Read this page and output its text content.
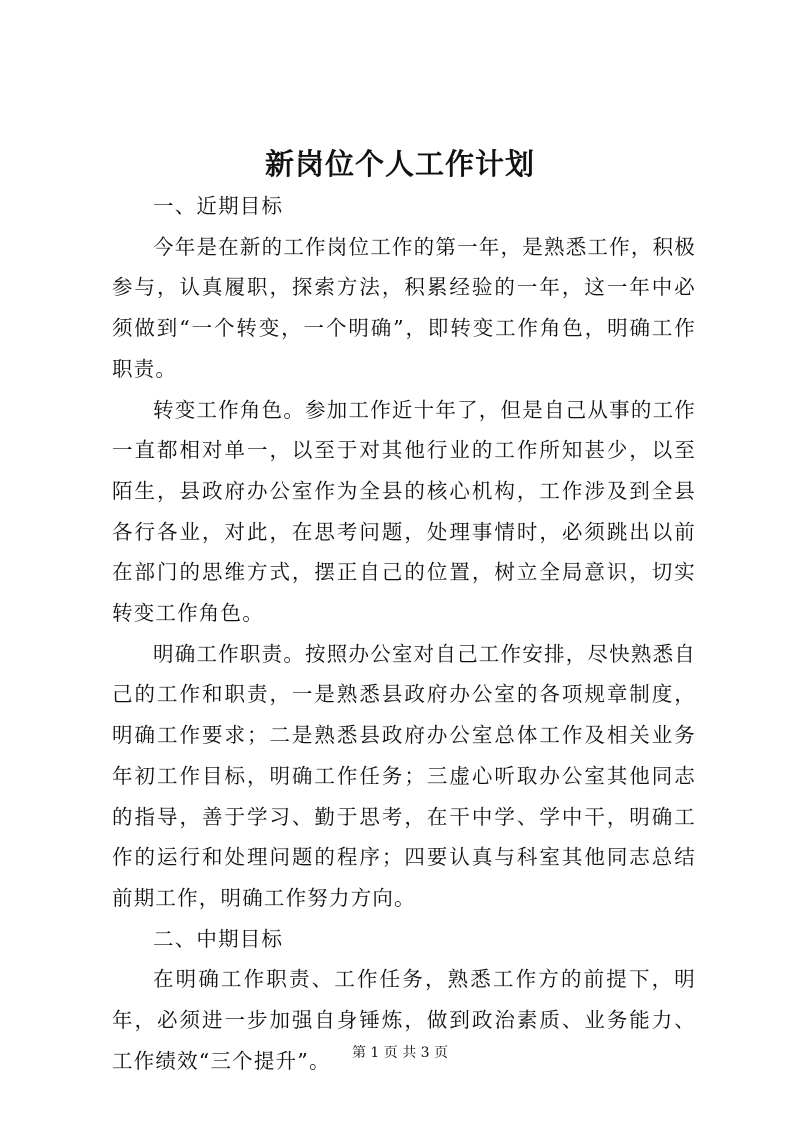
新岗位个人工作计划

一、近期目标

今年是在新的工作岗位工作的第一年，是熟悉工作，积极参与，认真履职，探索方法，积累经验的一年，这一年中必须做到“一个转变，一个明确”，即转变工作角色，明确工作职责。

转变工作角色。参加工作近十年了，但是自己从事的工作一直都相对单一，以至于对其他行业的工作所知甚少，以至陌生，县政府办公室作为全县的核心机构，工作涉及到全县各行各业，对此，在思考问题，处理事情时，必须跳出以前在部门的思维方式，摆正自己的位置，树立全局意识，切实转变工作角色。

明确工作职责。按照办公室对自己工作安排，尽快熟悉自己的工作和职责，一是熟悉县政府办公室的各项规章制度，明确工作要求；二是熟悉县政府办公室总体工作及相关业务年初工作目标，明确工作任务；三虚心听取办公室其他同志的指导，善于学习、勤于思考，在干中学、学中干，明确工作的运行和处理问题的程序；四要认真与科室其他同志总结前期工作，明确工作努力方向。

二、中期目标

在明确工作职责、工作任务，熟悉工作方的前提下，明年，必须进一步加强自身锤炼，做到政治素质、业务能力、工作绩效“三个提升”。	第 1 页 共 3 页
